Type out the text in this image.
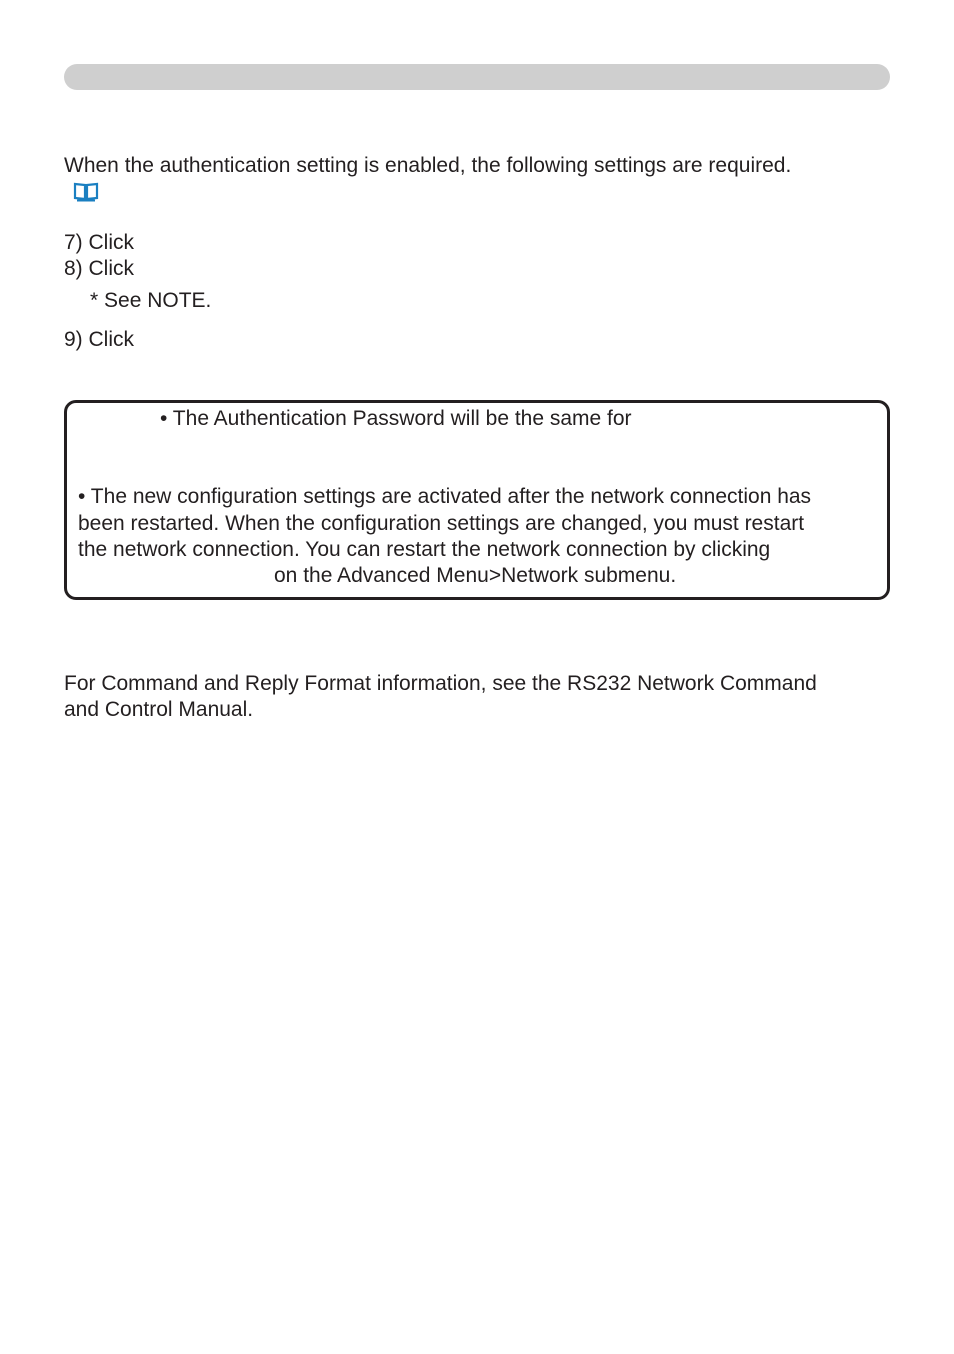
When the authentication setting is enabled, the following settings are required.
7) Click
8) Click
* See NOTE.
9) Click
• The Authentication Password will be the same for
• The new configuration settings are activated after the network connection has
been restarted. When the configuration settings are changed, you must restart
the network connection. You can restart the network connection by clicking
on the Advanced Menu>Network submenu.
For Command and Reply Format information, see the RS232 Network Command
and Control Manual.
